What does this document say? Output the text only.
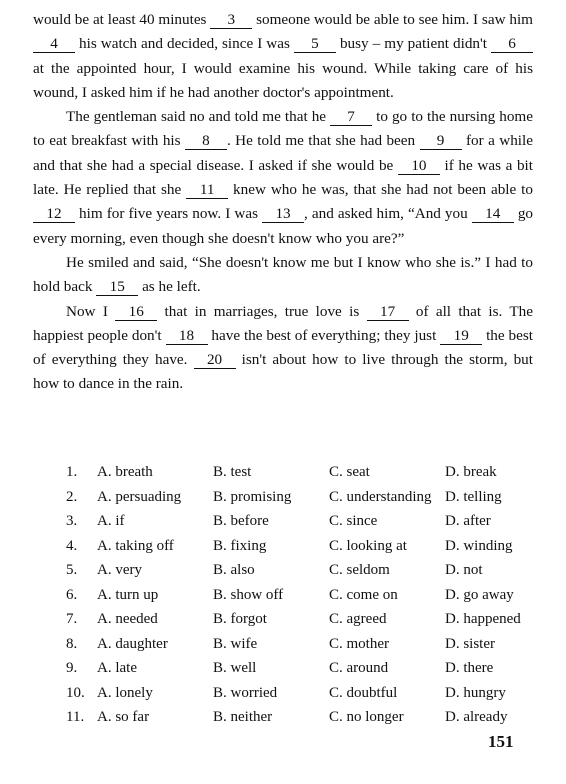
would be at least 40 minutes 3 someone would be able to see him. I saw him 4 his watch and decided, since I was 5 busy – my patient didn't 6 at the appointed hour, I would examine his wound. While taking care of his wound, I asked him if he had another doctor's appointment.

The gentleman said no and told me that he 7 to go to the nursing home to eat breakfast with his 8 . He told me that she had been 9 for a while and that she had a special disease. I asked if she would be 10 if he was a bit late. He replied that she 11 knew who he was, that she had not been able to 12 him for five years now. I was 13 , and asked him, “And you 14 go every morning, even though she doesn't know who you are?”

He smiled and said, “She doesn't know me but I know who she is.” I had to hold back 15 as he left.

Now I 16 that in marriages, true love is 17 of all that is. The happiest people don't 18 have the best of everything; they just 19 the best of everything they have. 20 isn't about how to live through the storm, but how to dance in the rain.

1.	A. breath	B. test	C. seat	D. break
2.	A. persuading	B. promising	C. understanding D. telling
3.	A. if	B. before	C. since	D. after
4.	A. taking off	B. fixing	C. looking at	D. winding
5.	A. very	B. also	C. seldom	D. not
6.	A. turn up	B. show off	C. come on	D. go away
7.	A. needed	B. forgot	C. agreed	D. happened
8.	A. daughter	B. wife	C. mother	D. sister
9.	A. late	B. well	C. around	D. there
10. A. lonely	B. worried	C. doubtful	D. hungry
11. A. so far	B. neither	C. no longer	D. already
151
